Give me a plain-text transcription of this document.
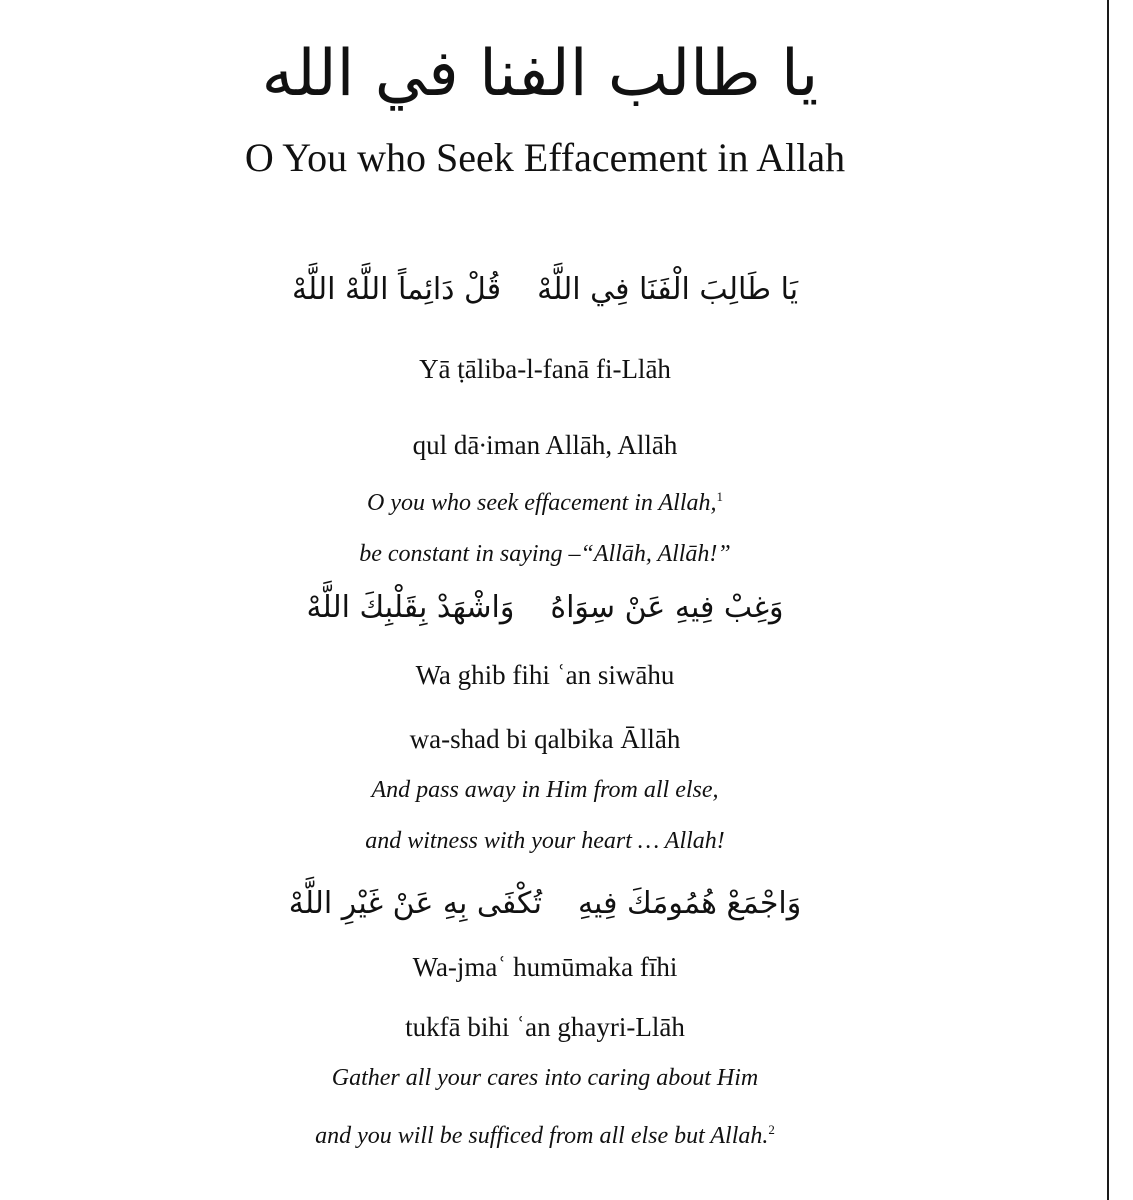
يا طالب الفنا في الله
O You who Seek Effacement in Allah

يَا طَالِبَ الْفَنَا فِي اللَّهْقُلْ دَائِماً اللَّهْ اللَّهْ

Yā ṭāliba-l-fanā fi-Llāh

qul dā∙iman Allāh, Allāh

O you who seek effacement in Allah,$^1$

be constant in saying –“Allāh, Allāh!”

وَغِبْ فِيهِ عَنْ سِوَاهُوَاشْهَدْ بِقَلْبِكَ اللَّهْ

Wa ghib fihi ʿan siwāhu

wa-shad bi qalbika Āllāh

And pass away in Him from all else,

and witness with your heart … Allah!

وَاجْمَعْ هُمُومَكَ فِيهِتُكْفَى بِهِ عَنْ غَيْرِ اللَّهْ

Wa-jmaʿ humūmaka fīhi

tukfā bihi ʿan ghayri-Llāh

Gather all your cares into caring about Him

and you will be sufficed from all else but Allah.$^2$
